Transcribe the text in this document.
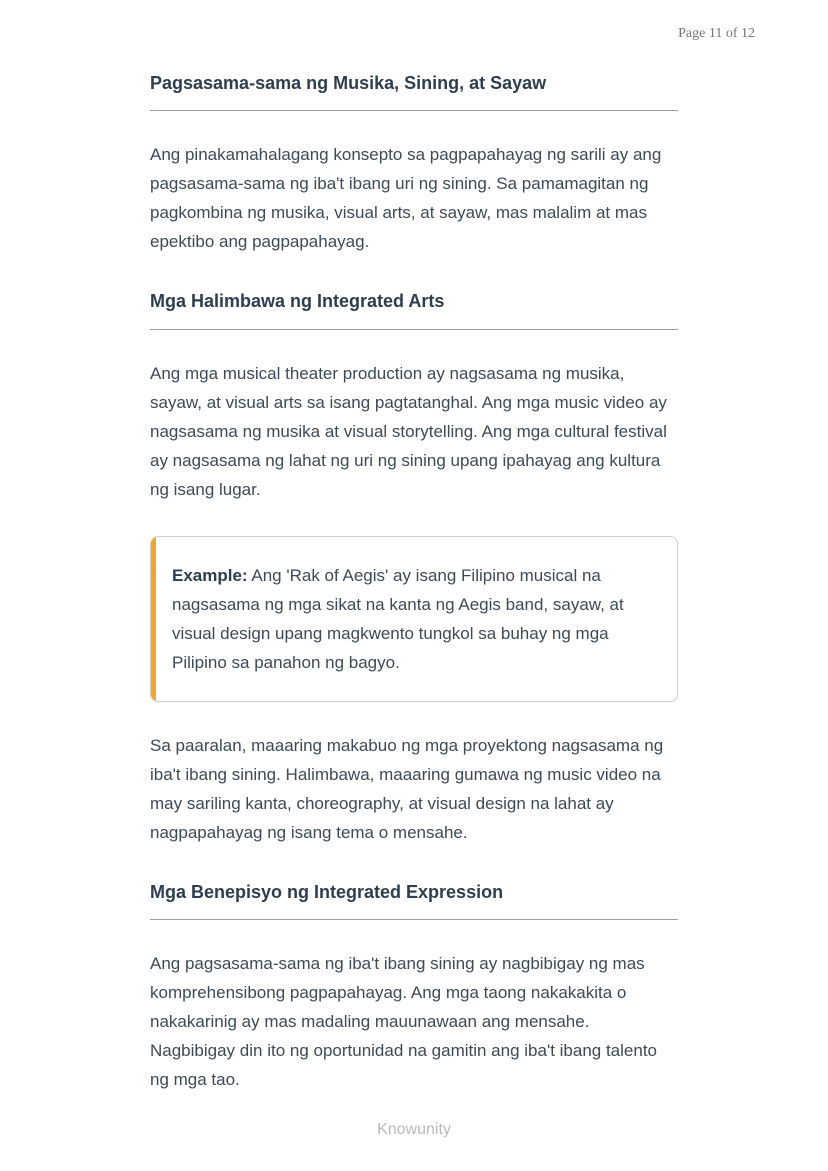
Page 11 of 12
Pagsasama-sama ng Musika, Sining, at Sayaw

Ang pinakamahalagang konsepto sa pagpapahayag ng sarili ay ang pagsasama-sama ng iba't ibang uri ng sining. Sa pamamagitan ng pagkombina ng musika, visual arts, at sayaw, mas malalim at mas epektibo ang pagpapahayag.

Mga Halimbawa ng Integrated Arts

Ang mga musical theater production ay nagsasama ng musika, sayaw, at visual arts sa isang pagtatanghal. Ang mga music video ay nagsasama ng musika at visual storytelling. Ang mga cultural festival ay nagsasama ng lahat ng uri ng sining upang ipahayag ang kultura ng isang lugar.

Example: Ang 'Rak of Aegis' ay isang Filipino musical na nagsasama ng mga sikat na kanta ng Aegis band, sayaw, at visual design upang magkwento tungkol sa buhay ng mga Pilipino sa panahon ng bagyo.

Sa paaralan, maaaring makabuo ng mga proyektong nagsasama ng iba't ibang sining. Halimbawa, maaaring gumawa ng music video na may sariling kanta, choreography, at visual design na lahat ay nagpapahayag ng isang tema o mensahe.

Mga Benepisyo ng Integrated Expression

Ang pagsasama-sama ng iba't ibang sining ay nagbibigay ng mas komprehensibong pagpapahayag. Ang mga taong nakakakita o nakakarinig ay mas madaling mauunawaan ang mensahe. Nagbibigay din ito ng oportunidad na gamitin ang iba't ibang talento ng mga tao.

Knowunity
